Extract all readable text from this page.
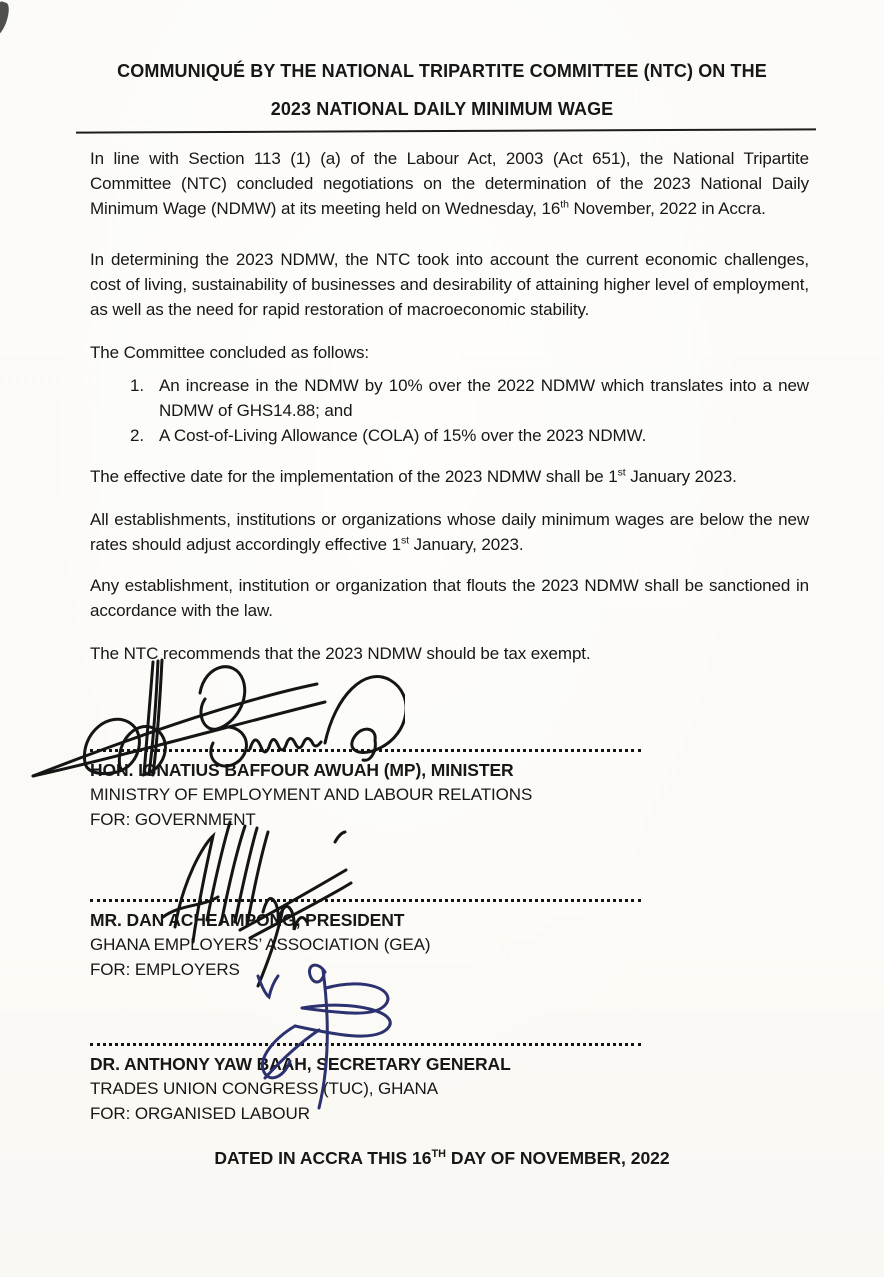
COMMUNIQUÉ BY THE NATIONAL TRIPARTITE COMMITTEE (NTC) ON THE
2023 NATIONAL DAILY MINIMUM WAGE

In line with Section 113 (1) (a) of the Labour Act, 2003 (Act 651), the National Tripartite Committee (NTC) concluded negotiations on the determination of the 2023 National Daily Minimum Wage (NDMW) at its meeting held on Wednesday, 16th November, 2022 in Accra.

In determining the 2023 NDMW, the NTC took into account the current economic challenges, cost of living, sustainability of businesses and desirability of attaining higher level of employment, as well as the need for rapid restoration of macroeconomic stability.

The Committee concluded as follows:

1. An increase in the NDMW by 10% over the 2022 NDMW which translates into a new NDMW of GHS14.88; and
2. A Cost-of-Living Allowance (COLA) of 15% over the 2023 NDMW.

The effective date for the implementation of the 2023 NDMW shall be 1st January 2023.

All establishments, institutions or organizations whose daily minimum wages are below the new rates should adjust accordingly effective 1st January, 2023.

Any establishment, institution or organization that flouts the 2023 NDMW shall be sanctioned in accordance with the law.

The NTC recommends that the 2023 NDMW should be tax exempt.

HON. IGNATIUS BAFFOUR AWUAH (MP), MINISTER
MINISTRY OF EMPLOYMENT AND LABOUR RELATIONS
FOR: GOVERNMENT
MR. DAN ACHEAMPONG, PRESIDENT
GHANA EMPLOYERS’ ASSOCIATION (GEA)
FOR: EMPLOYERS
DR. ANTHONY YAW BAAH, SECRETARY GENERAL
TRADES UNION CONGRESS (TUC), GHANA
FOR: ORGANISED LABOUR
DATED IN ACCRA THIS 16TH DAY OF NOVEMBER, 2022
